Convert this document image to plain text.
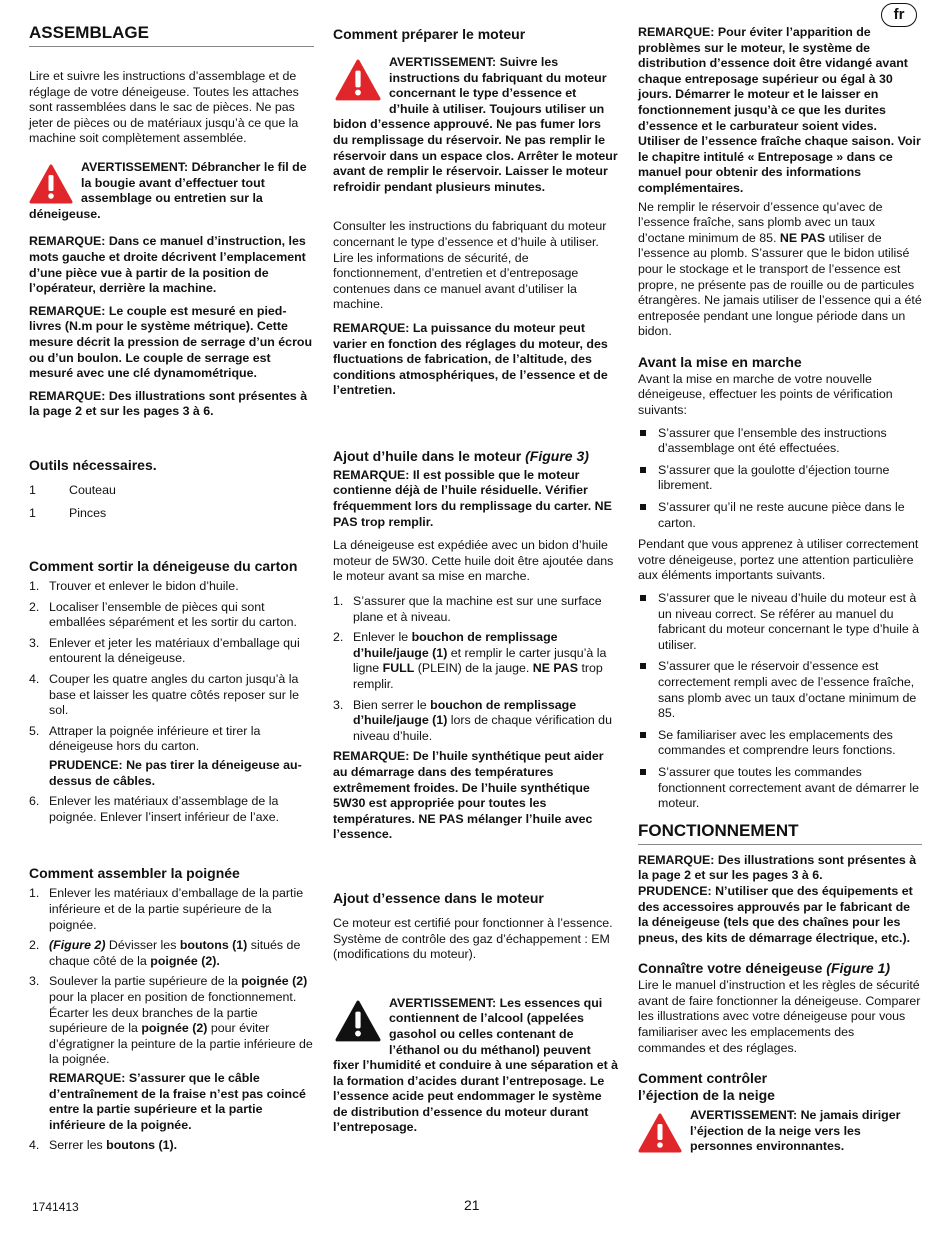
fr
ASSEMBLAGE

Lire et suivre les instructions d’assemblage et de réglage de votre déneigeuse. Toutes les attaches sont rassemblées dans le sac de pièces. Ne pas jeter de pièces ou de matériaux jusqu’à ce que la machine soit complètement assemblée.

AVERTISSEMENT: Débrancher le fil de la bougie avant d’effectuer tout assemblage ou entretien sur la déneigeuse.

REMARQUE: Dans ce manuel d’instruction, les mots gauche et droite décrivent l’emplacement d’une pièce vue à partir de la position de l’opérateur, derrière la machine.

REMARQUE: Le couple est mesuré en pied-livres (N.m pour le système métrique). Cette mesure décrit la pression de serrage d’un écrou ou d’un boulon. Le couple de serrage est mesuré avec une clé dynamométrique.

REMARQUE: Des illustrations sont présentes à la page 2 et sur les pages 3 à 6.

Outils nécessaires.
1	Couteau
1	Pinces
Comment sortir la déneigeuse du carton
1. Trouver et enlever le bidon d’huile.
2. Localiser l’ensemble de pièces qui sont emballées séparément et les sortir du carton.
3. Enlever et jeter les matériaux d’emballage qui entourent la déneigeuse.
4. Couper les quatre angles du carton jusqu’à la base et laisser les quatre côtés reposer sur le sol.
5. Attraper la poignée inférieure et tirer la déneigeuse hors du carton.
PRUDENCE: Ne pas tirer la déneigeuse au-dessus de câbles.
6. Enlever les matériaux d’assemblage de la poignée. Enlever l’insert inférieur de l’axe.
Comment assembler la poignée
1. Enlever les matériaux d’emballage de la partie inférieure et de la partie supérieure de la poignée.
2. (Figure 2) Dévisser les boutons (1) situés de chaque côté de la poignée (2).
3. Soulever la partie supérieure de la poignée (2) pour la placer en position de fonctionnement. Écarter les deux branches de la partie supérieure de la poignée (2) pour éviter d’égratigner la peinture de la partie inférieure de la poignée.
REMARQUE: S’assurer que le câble d’entraînement de la fraise n’est pas coincé entre la partie supérieure et la partie inférieure de la poignée.
4. Serrer les boutons (1).
Comment préparer le moteur
AVERTISSEMENT: Suivre les instructions du fabriquant du moteur concernant le type d’essence et d’huile à utiliser. Toujours utiliser un bidon d’essence approuvé. Ne pas fumer lors du remplissage du réservoir. Ne pas remplir le réservoir dans un espace clos. Arrêter le moteur avant de remplir le réservoir. Laisser le moteur refroidir pendant plusieurs minutes.

Consulter les instructions du fabriquant du moteur concernant le type d’essence et d’huile à utiliser. Lire les informations de sécurité, de fonctionnement, d’entretien et d’entreposage contenues dans ce manuel avant d’utiliser la machine.

REMARQUE: La puissance du moteur peut varier en fonction des réglages du moteur, des fluctuations de fabrication, de l’altitude, des conditions atmosphériques, de l’essence et de l’entretien.

Ajout d’huile dans le moteur (Figure 3)

REMARQUE: Il est possible que le moteur contienne déjà de l’huile résiduelle. Vérifier fréquemment lors du remplissage du carter. NE PAS trop remplir.

La déneigeuse est expédiée avec un bidon d’huile moteur de 5W30. Cette huile doit être ajoutée dans le moteur avant sa mise en marche.

1. S’assurer que la machine est sur une surface plane et à niveau.
2. Enlever le bouchon de remplissage d’huile/jauge (1) et remplir le carter jusqu’à la ligne FULL (PLEIN) de la jauge. NE PAS trop remplir.
3. Bien serrer le bouchon de remplissage d’huile/jauge (1) lors de chaque vérification du niveau d’huile.

REMARQUE: De l’huile synthétique peut aider au démarrage dans des températures extrêmement froides. De l’huile synthétique 5W30 est appropriée pour toutes les températures. NE PAS mélanger l’huile avec l’essence.

Ajout d’essence dans le moteur

Ce moteur est certifié pour fonctionner à l’essence. Système de contrôle des gaz d’échappement : EM (modifications du moteur).

AVERTISSEMENT: Les essences qui contiennent de l’alcool (appelées gasohol ou celles contenant de l’éthanol ou du méthanol) peuvent fixer l’humidité et conduire à une séparation et à la formation d’acides durant l’entreposage. Le l’essence acide peut endommager le système de distribution d’essence du moteur durant l’entreposage.

REMARQUE: Pour éviter l’apparition de problèmes sur le moteur, le système de distribution d’essence doit être vidangé avant chaque entreposage supérieur ou égal à 30 jours. Démarrer le moteur et le laisser en fonctionnement jusqu’à ce que les durites d’essence et le carburateur soient vides. Utiliser de l’essence fraîche chaque saison. Voir le chapitre intitulé « Entreposage » dans ce manuel pour obtenir des informations complémentaires.

Ne remplir le réservoir d’essence qu’avec de l’essence fraîche, sans plomb avec un taux d’octane minimum de 85. NE PAS utiliser de l’essence au plomb. S’assurer que le bidon utilisé pour le stockage et le transport de l’essence est propre, ne présente pas de rouille ou de particules étrangères. Ne jamais utiliser de l’essence qui a été entreposée pendant une longue période dans un bidon.

Avant la mise en marche

Avant la mise en marche de votre nouvelle déneigeuse, effectuer les points de vérification suivants:

S’assurer que l’ensemble des instructions d’assemblage ont été effectuées.
S’assurer que la goulotte d’éjection tourne librement.
S’assurer qu’il ne reste aucune pièce dans le carton.

Pendant que vous apprenez à utiliser correctement votre déneigeuse, portez une attention particulière aux éléments importants suivants.

S’assurer que le niveau d’huile du moteur est à un niveau correct. Se référer au manuel du fabricant du moteur concernant le type d’huile à utiliser.
S’assurer que le réservoir d’essence est correctement rempli avec de l’essence fraîche, sans plomb avec un taux d’octane minimum de 85.
Se familiariser avec les emplacements des commandes et comprendre leurs fonctions.
S’assurer que toutes les commandes fonctionnent correctement avant de démarrer le moteur.
FONCTIONNEMENT

REMARQUE: Des illustrations sont présentes à la page 2 et sur les pages 3 à 6.

PRUDENCE: N’utiliser que des équipements et des accessoires approuvés par le fabricant de la déneigeuse (tels que des chaînes pour les pneus, des kits de démarrage électrique, etc.).

Connaître votre déneigeuse (Figure 1)

Lire le manuel d’instruction et les règles de sécurité avant de faire fonctionner la déneigeuse. Comparer les illustrations avec votre déneigeuse pour vous familiariser avec les emplacements des commandes et des réglages.

Comment contrôler
l’éjection de la neige
AVERTISSEMENT: Ne jamais diriger l’éjection de la neige vers les personnes environnantes.
1741413	21
